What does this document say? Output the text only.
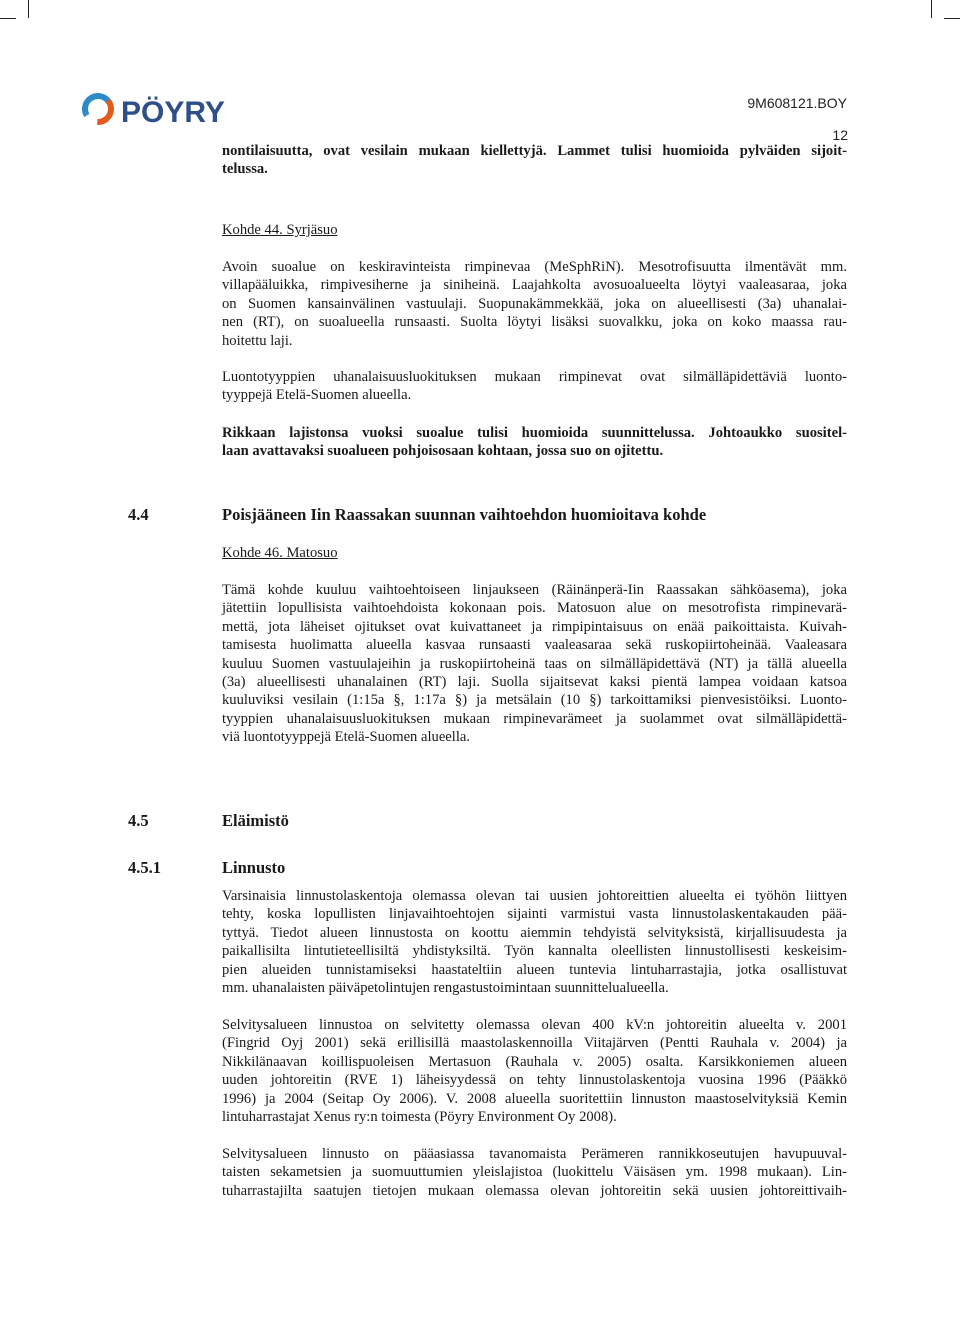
PÖYRY	9M608121.BOY
12
nontilaisuutta, ovat vesilain mukaan kiellettyjä. Lammet tulisi huomioida pylväiden sijoit-
telussa.
Kohde 44. Syrjäsuo
Avoin suoalue on keskiravinteista rimpinevaa (MeSphRiN). Mesotrofisuutta ilmentävät mm.
villapääluikka, rimpivesiherne ja siniheinä. Laajahkolta avosuoalueelta löytyi vaaleasaraa, joka
on Suomen kansainvälinen vastuulaji. Suopunakämmekkää, joka on alueellisesti (3a) uhanalai-
nen (RT), on suoalueella runsaasti. Suolta löytyi lisäksi suovalkku, joka on koko maassa rau-
hoitettu laji.
Luontotyyppien uhanalaisuusluokituksen mukaan rimpinevat ovat silmälläpidettäviä luonto-
tyyppejä Etelä-Suomen alueella.
Rikkaan lajistonsa vuoksi suoalue tulisi huomioida suunnittelussa. Johtoaukko suositel-
laan avattavaksi suoalueen pohjoisosaan kohtaan, jossa suo on ojitettu.
4.4	Poisjääneen Iin Raassakan suunnan vaihtoehdon huomioitava kohde
Kohde 46. Matosuo
Tämä kohde kuuluu vaihtoehtoiseen linjaukseen (Räinänperä-Iin Raassakan sähköasema), joka
jätettiin lopullisista vaihtoehdoista kokonaan pois. Matosuon alue on mesotrofista rimpinevarä-
mettä, jota läheiset ojitukset ovat kuivattaneet ja rimpipintaisuus on enää paikoittaista. Kuivah-
tamisesta huolimatta alueella kasvaa runsaasti vaaleasaraa sekä ruskopiirtoheinää. Vaaleasara
kuuluu Suomen vastuulajeihin ja ruskopiirtoheinä taas on silmälläpidettävä (NT) ja tällä alueella
(3a) alueellisesti uhanalainen (RT) laji. Suolla sijaitsevat kaksi pientä lampea voidaan katsoa
kuuluviksi vesilain (1:15a §, 1:17a §) ja metsälain (10 §) tarkoittamiksi pienvesistöiksi. Luonto-
tyyppien uhanalaisuusluokituksen mukaan rimpinevarämeet ja suolammet ovat silmälläpidettä-
viä luontotyyppejä Etelä-Suomen alueella.
4.5	Eläimistö
4.5.1	Linnusto
Varsinaisia linnustolaskentoja olemassa olevan tai uusien johtoreittien alueelta ei työhön liittyen
tehty, koska lopullisten linjavaihtoehtojen sijainti varmistui vasta linnustolaskentakauden pää-
tyttyä. Tiedot alueen linnustosta on koottu aiemmin tehdyistä selvityksistä, kirjallisuudesta ja
paikallisilta lintutieteellisiltä yhdistyksiltä. Työn kannalta oleellisten linnustollisesti keskeisim-
pien alueiden tunnistamiseksi haastateltiin alueen tuntevia lintuharrastajia, jotka osallistuvat
mm. uhanalaisten päiväpetolintujen rengastustoimintaan suunnittelualueella.
Selvitysalueen linnustoa on selvitetty olemassa olevan 400 kV:n johtoreitin alueelta v. 2001
(Fingrid Oyj 2001) sekä erillisillä maastolaskennoilla Viitajärven (Pentti Rauhala v. 2004) ja
Nikkilänaavan koillispuoleisen Mertasuon (Rauhala v. 2005) osalta. Karsikkoniemen alueen
uuden johtoreitin (RVE 1) läheisyydessä on tehty linnustolaskentoja vuosina 1996 (Pääkkö
1996) ja 2004 (Seitap Oy 2006). V. 2008 alueella suoritettiin linnuston maastoselvityksiä Kemin
lintuharrastajat Xenus ry:n toimesta (Pöyry Environment Oy 2008).
Selvitysalueen linnusto on pääasiassa tavanomaista Perämeren rannikkoseutujen havupuuval-
taisten sekametsien ja suomuuttumien yleislajistoa (luokittelu Väisäsen ym. 1998 mukaan). Lin-
tuharrastajilta saatujen tietojen mukaan olemassa olevan johtoreitin sekä uusien johtoreittivaih-
